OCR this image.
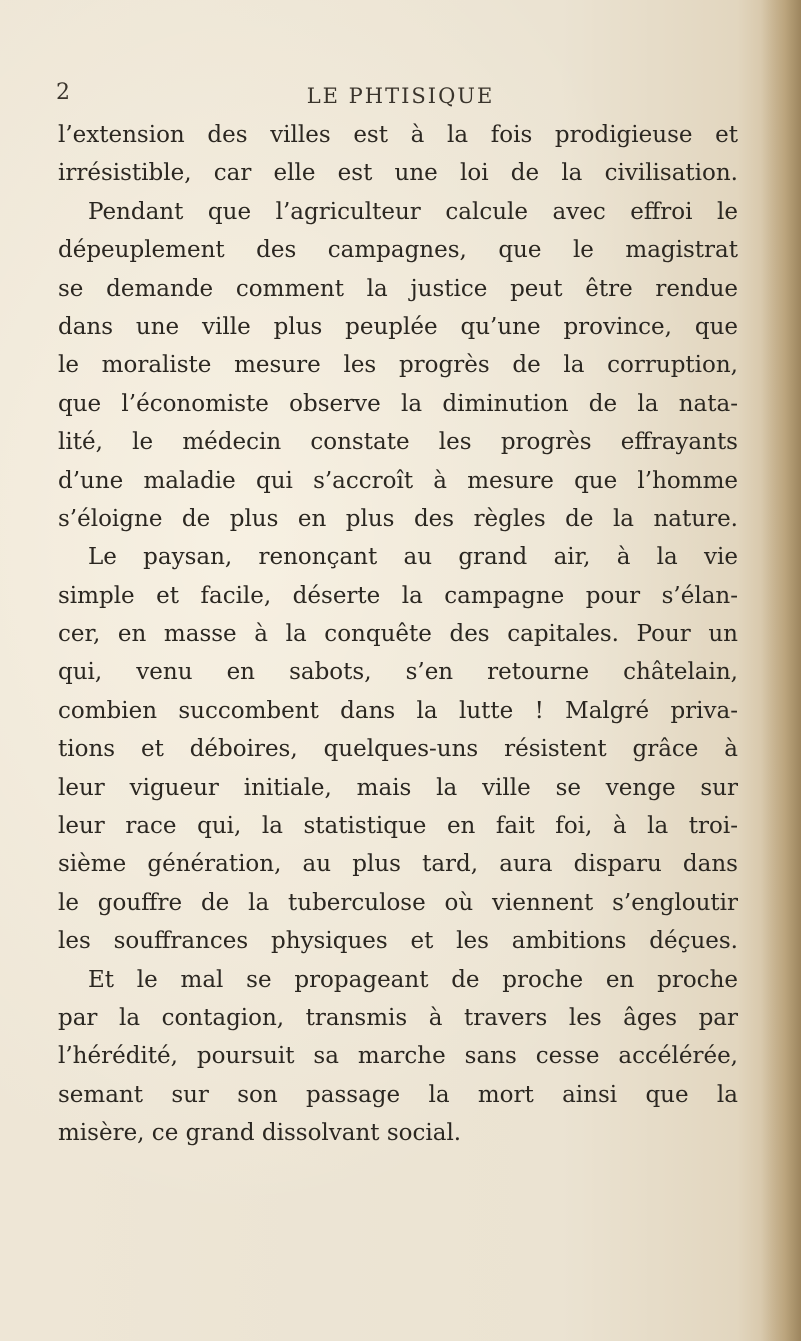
2	LE PHTISIQUE
l’extension des villes est à la fois prodigieuse et
irrésistible, car elle est une loi de la civilisation.
Pendant que l’agriculteur calcule avec effroi le
dépeuplement des campagnes, que le magistrat
se demande comment la justice peut être rendue
dans une ville plus peuplée qu’une province, que
le moraliste mesure les progrès de la corruption,
que l’économiste observe la diminution de la nata-
lité, le médecin constate les progrès effrayants
d’une maladie qui s’accroît à mesure que l’homme
s’éloigne de plus en plus des règles de la nature.
Le paysan, renonçant au grand air, à la vie
simple et facile, déserte la campagne pour s’élan-
cer, en masse à la conquête des capitales. Pour un
qui, venu en sabots, s’en retourne châtelain,
combien succombent dans la lutte ! Malgré priva-
tions et déboires, quelques-uns résistent grâce à
leur vigueur initiale, mais la ville se venge sur
leur race qui, la statistique en fait foi, à la troi-
sième génération, au plus tard, aura disparu dans
le gouffre de la tuberculose où viennent s’engloutir
les souffrances physiques et les ambitions déçues.
Et le mal se propageant de proche en proche
par la contagion, transmis à travers les âges par
l’hérédité, poursuit sa marche sans cesse accélérée,
semant sur son passage la mort ainsi que la
misère, ce grand dissolvant social.
